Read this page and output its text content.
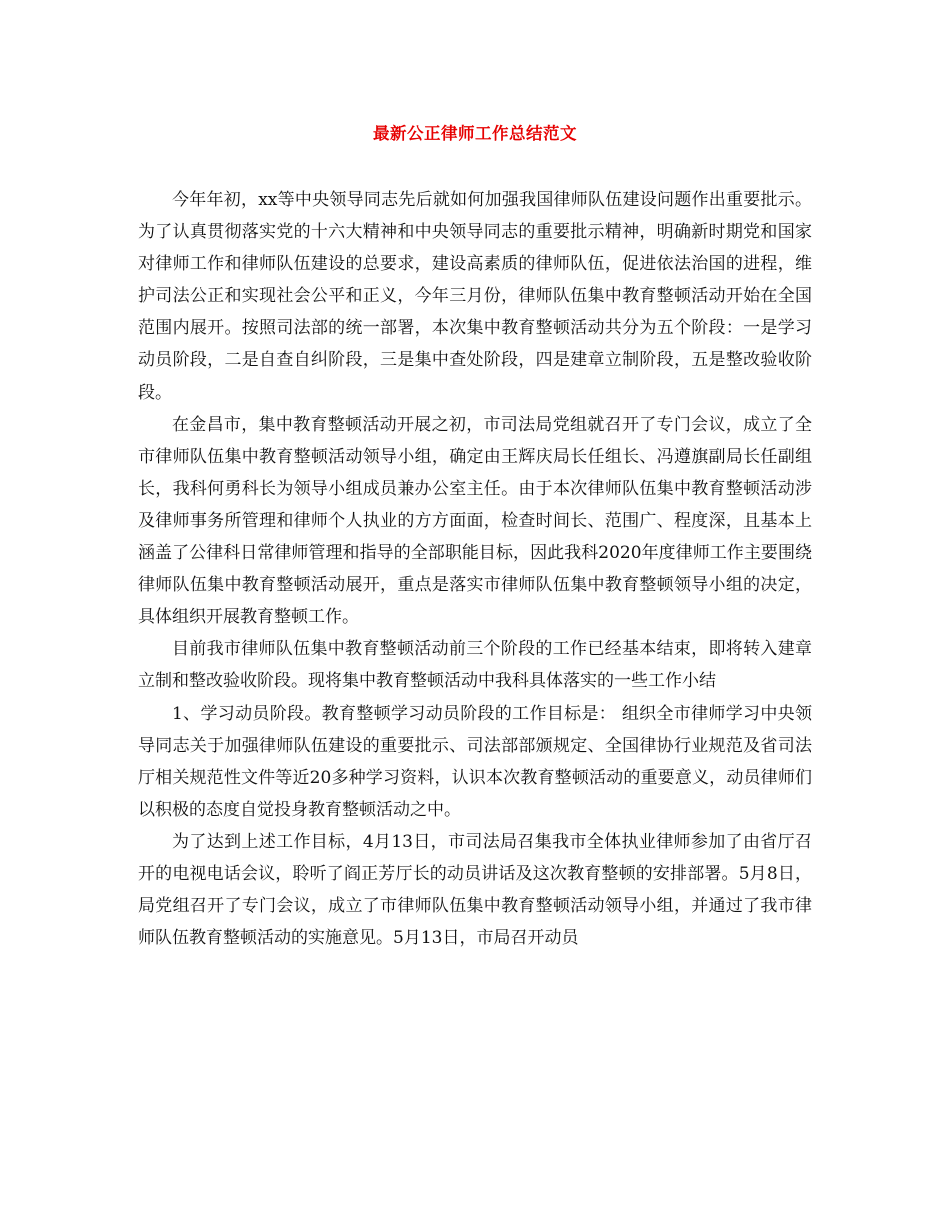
最新公正律师工作总结范文

今年年初，xx等中央领导同志先后就如何加强我国律师队伍建设问题作出重要批示。为了认真贯彻落实党的十六大精神和中央领导同志的重要批示精神，明确新时期党和国家对律师工作和律师队伍建设的总要求，建设高素质的律师队伍，促进依法治国的进程，维护司法公正和实现社会公平和正义，今年三月份，律师队伍集中教育整顿活动开始在全国范围内展开。按照司法部的统一部署，本次集中教育整顿活动共分为五个阶段：一是学习动员阶段，二是自查自纠阶段，三是集中查处阶段，四是建章立制阶段，五是整改验收阶段。

在金昌市，集中教育整顿活动开展之初，市司法局党组就召开了专门会议，成立了全市律师队伍集中教育整顿活动领导小组，确定由王辉庆局长任组长、冯遵旗副局长任副组长，我科何勇科长为领导小组成员兼办公室主任。由于本次律师队伍集中教育整顿活动涉及律师事务所管理和律师个人执业的方方面面，检查时间长、范围广、程度深，且基本上涵盖了公律科日常律师管理和指导的全部职能目标，因此我科2020年度律师工作主要围绕律师队伍集中教育整顿活动展开，重点是落实市律师队伍集中教育整顿领导小组的决定，具体组织开展教育整顿工作。

目前我市律师队伍集中教育整顿活动前三个阶段的工作已经基本结束，即将转入建章立制和整改验收阶段。现将集中教育整顿活动中我科具体落实的一些工作小结

1、学习动员阶段。教育整顿学习动员阶段的工作目标是： 组织全市律师学习中央领导同志关于加强律师队伍建设的重要批示、司法部部颁规定、全国律协行业规范及省司法厅相关规范性文件等近20多种学习资料，认识本次教育整顿活动的重要意义，动员律师们以积极的态度自觉投身教育整顿活动之中。

为了达到上述工作目标，4月13日，市司法局召集我市全体执业律师参加了由省厅召开的电视电话会议，聆听了阎正芳厅长的动员讲话及这次教育整顿的安排部署。5月8日，局党组召开了专门会议，成立了市律师队伍集中教育整顿活动领导小组，并通过了我市律师队伍教育整顿活动的实施意见。5月13日，市局召开动员
